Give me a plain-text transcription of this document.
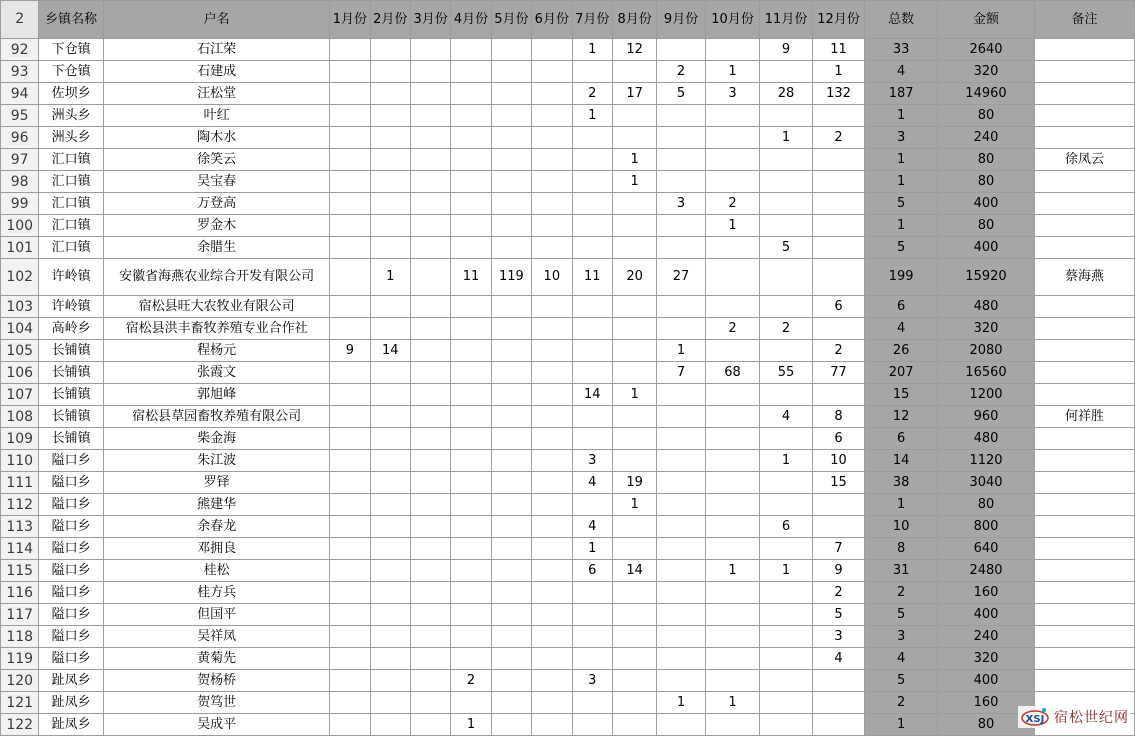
2	乡镇名称	户名	1月份	2月份	3月份	4月份	5月份	6月份	7月份	8月份	9月份	10月份	11月份	12月份	总数	金额	备注
92	下仓镇	石江荣							1	12			9	11	33	2640	
93	下仓镇	石建成									2	1		1	4	320	
94	佐坝乡	汪松堂							2	17	5	3	28	132	187	14960	
95	洲头乡	叶红							1						1	80	
96	洲头乡	陶木水											1	2	3	240	
97	汇口镇	徐笑云								1					1	80	徐凤云
98	汇口镇	吴宝春								1					1	80	
99	汇口镇	万登高									3	2			5	400	
100	汇口镇	罗金木										1			1	80	
101	汇口镇	余腊生											5		5	400	
102	许岭镇	安徽省海燕农业综合开发有限公司		1		11	119	10	11	20	27				199	15920	蔡海燕
103	许岭镇	宿松县旺大农牧业有限公司												6	6	480	
104	高岭乡	宿松县洪丰畜牧养殖专业合作社										2	2		4	320	
105	长铺镇	程杨元	9	14							1			2	26	2080	
106	长铺镇	张霞文									7	68	55	77	207	16560	
107	长铺镇	郭旭峰							14	1					15	1200	
108	长铺镇	宿松县草园畜牧养殖有限公司											4	8	12	960	何祥胜
109	长铺镇	柴金海												6	6	480	
110	隘口乡	朱江波							3				1	10	14	1120	
111	隘口乡	罗铎							4	19				15	38	3040	
112	隘口乡	熊建华								1					1	80	
113	隘口乡	余春龙							4				6		10	800	
114	隘口乡	邓拥良							1					7	8	640	
115	隘口乡	桂松							6	14		1	1	9	31	2480	
116	隘口乡	桂方兵												2	2	160	
117	隘口乡	但国平												5	5	400	
118	隘口乡	吴祥凤												3	3	240	
119	隘口乡	黄菊先												4	4	320	
120	趾凤乡	贺杨桥				2			3						5	400	
121	趾凤乡	贺笃世									1	1			2	160	
122	趾凤乡	吴成平				1									1	80		XSJ 宿松世纪网
